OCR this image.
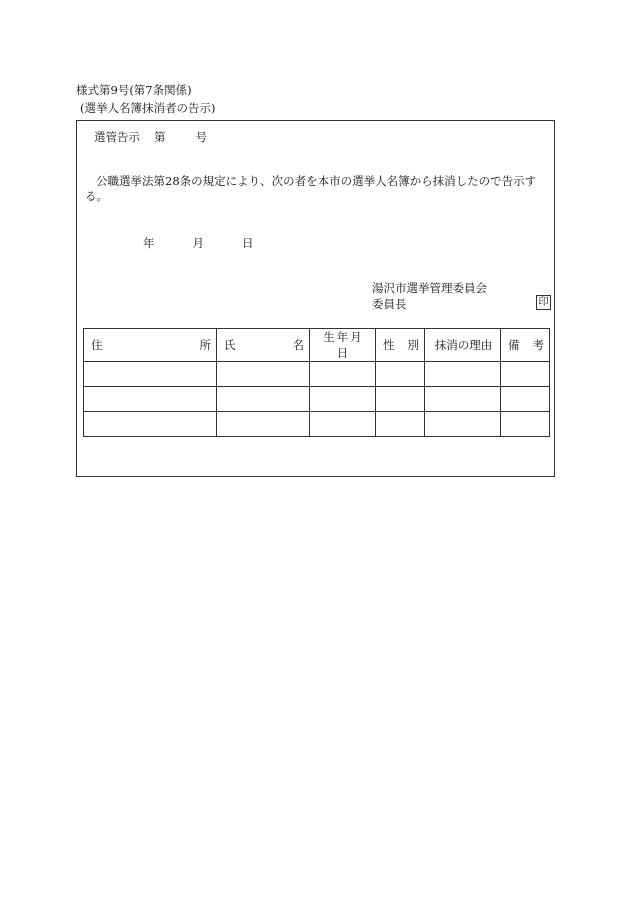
様式第9号(第7条関係)
(選挙人名簿抹消者の告示)
選管告示 第	号
公職選挙法第28条の規定により、次の者を本市の選挙人名簿から抹消したので告示する。
年	月	日
湯沢市選挙管理委員会
委員長	印
住 所	氏 名	生年月日	性 別	抹消の理由	備 考
